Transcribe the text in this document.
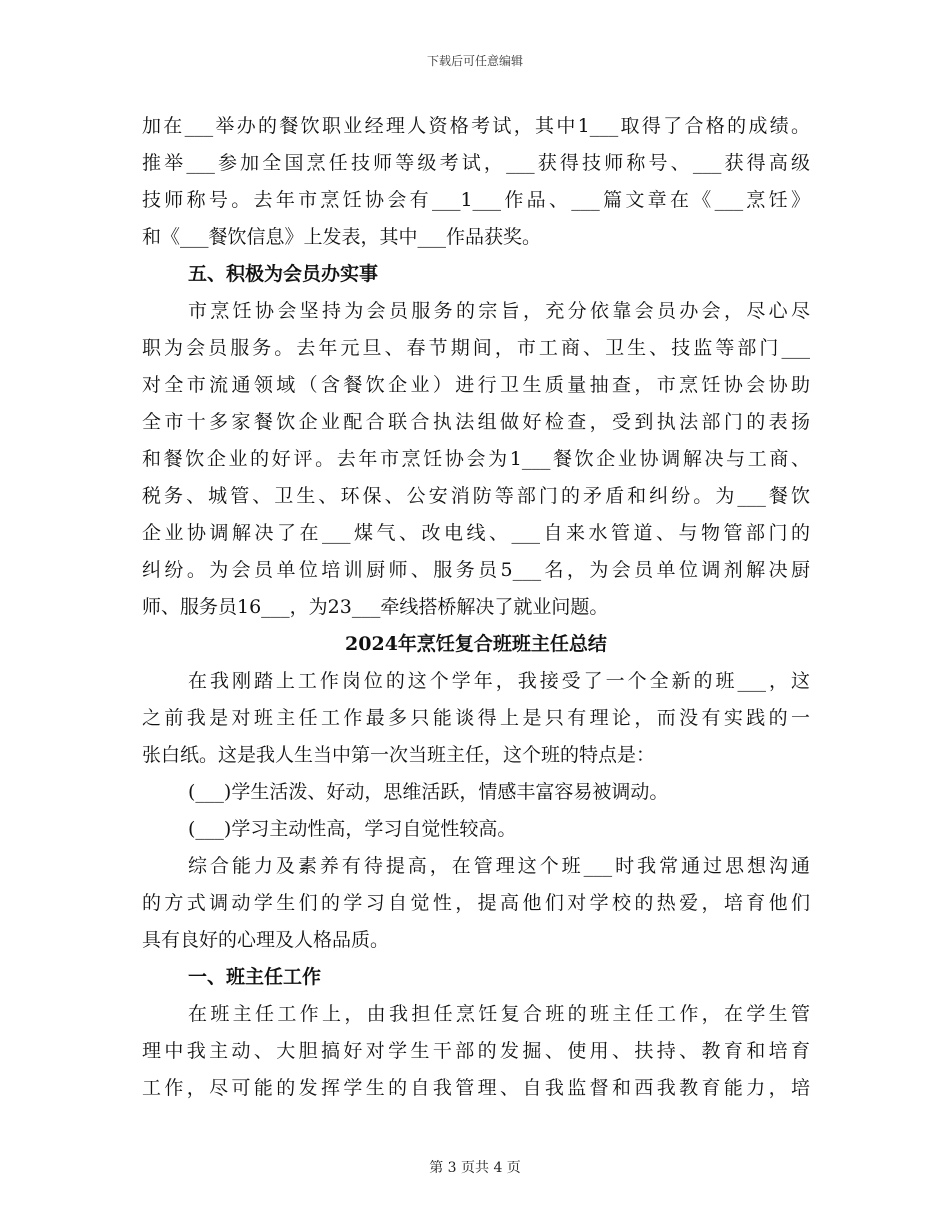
下载后可任意编辑
加在___举办的餐饮职业经理人资格考试，其中1___取得了合格的成绩。
推举___参加全国烹任技师等级考试，___获得技师称号、___获得高级
技师称号。去年市烹饪协会有___1___作品、___篇文章在《___烹饪》
和《___餐饮信息》上发表，其中___作品获奖。
五、积极为会员办实事
市烹饪协会坚持为会员服务的宗旨，充分依靠会员办会，尽心尽
职为会员服务。去年元旦、春节期间，市工商、卫生、技监等部门___
对全市流通领域（含餐饮企业）进行卫生质量抽查，市烹饪协会协助
全市十多家餐饮企业配合联合执法组做好检查，受到执法部门的表扬
和餐饮企业的好评。去年市烹饪协会为1___餐饮企业协调解决与工商、
税务、城管、卫生、环保、公安消防等部门的矛盾和纠纷。为___餐饮
企业协调解决了在___煤气、改电线、___自来水管道、与物管部门的
纠纷。为会员单位培训厨师、服务员5___名，为会员单位调剂解决厨
师、服务员16___，为23___牵线搭桥解决了就业问题。
2024年烹饪复合班班主任总结
在我刚踏上工作岗位的这个学年，我接受了一个全新的班___，这
之前我是对班主任工作最多只能谈得上是只有理论，而没有实践的一
张白纸。这是我人生当中第一次当班主任，这个班的特点是：
(___)学生活泼、好动，思维活跃，情感丰富容易被调动。
(___)学习主动性高，学习自觉性较高。
综合能力及素养有待提高，在管理这个班___时我常通过思想沟通
的方式调动学生们的学习自觉性，提高他们对学校的热爱，培育他们
具有良好的心理及人格品质。
一、班主任工作
在班主任工作上，由我担任烹饪复合班的班主任工作，在学生管
理中我主动、大胆搞好对学生干部的发掘、使用、扶持、教育和培育
工作，尽可能的发挥学生的自我管理、自我监督和西我教育能力，培
第 3 页共 4 页
